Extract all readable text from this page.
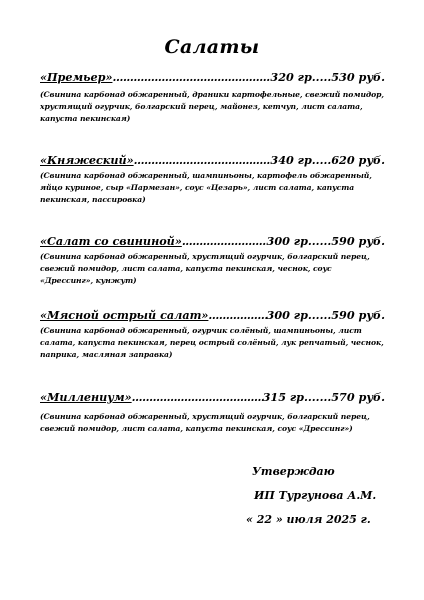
Салаты
«Премьер» .....	320 гр.....530 руб.
(Свинина карбонад обжаренный, драники картофельные, свежий помидор, хрустящий огурчик, болгарский перец, майонез, кетчуп, лист салата, капуста пекинская)
«Княжеский» .....	340 гр.....620 руб.
(Свинина карбонад обжаренный, шампиньоны, картофель обжаренный, яйцо куриное, сыр «Пармезан», соус «Цезарь», лист салата, капуста пекинская, пассировка)
«Салат со свининой» .....	300 гр......590 руб.
(Свинина карбонад обжаренный, хрустящий огурчик, болгарский перец, свежий помидор, лист салата, капуста пекинская, чеснок, соус «Дрессинг», кунжут)
«Мясной острый салат» .....	300 гр......590 руб.
(Свинина карбонад обжаренный, огурчик солёный, шампиньоны, лист салата, капуста пекинская, перец острый солёный, лук репчатый, чеснок, паприка, масляная заправка)
«Миллениум» .....	315 гр.......570 руб.
(Свинина карбонад обжаренный, хрустящий огурчик, болгарский перец, свежий помидор, лист салата, капуста пекинская, соус «Дрессинг»)
Утверждаю
ИП Тургунова А.М.
« 22 » июля 2025 г.
